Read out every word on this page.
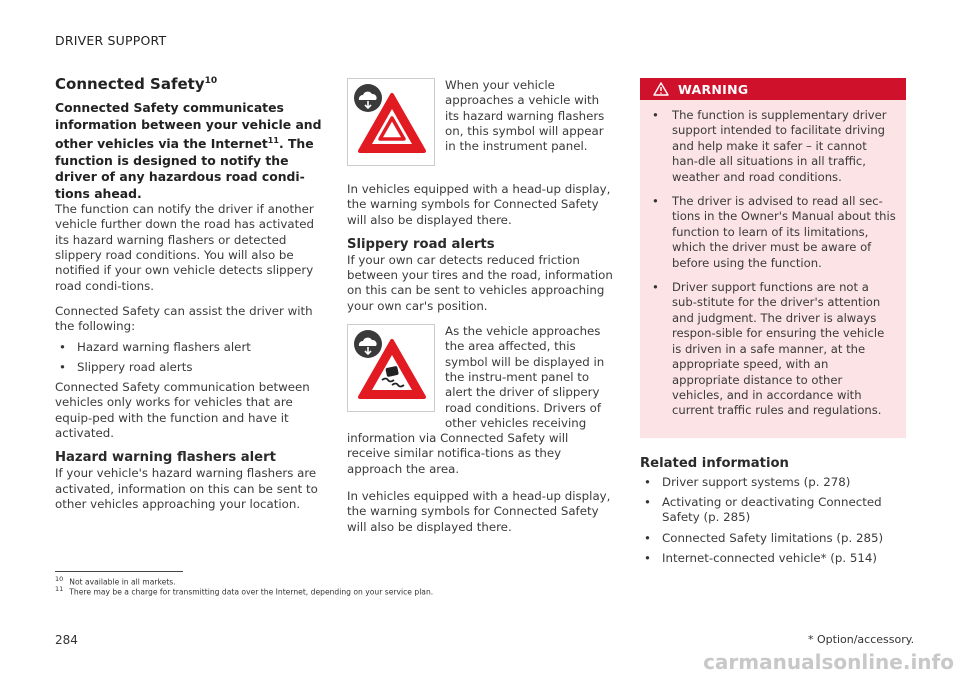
DRIVER SUPPORT
Connected Safety$^{10}$

Connected Safety communicates information between your vehicle and other vehicles via the Internet$^{11}$. The function is designed to notify the driver of any hazardous road condi-tions ahead.

The function can notify the driver if another vehicle further down the road has activated its hazard warning flashers or detected slippery road conditions. You will also be notified if your own vehicle detects slippery road condi-tions.

Connected Safety can assist the driver with the following:

• Hazard warning flashers alert
• Slippery road alerts

Connected Safety communication between vehicles only works for vehicles that are equip-ped with the function and have it activated.

Hazard warning flashers alert

If your vehicle's hazard warning flashers are activated, information on this can be sent to other vehicles approaching your location.

When your vehicle approaches a vehicle with its hazard warning flashers on, this symbol will appear in the instrument panel.

In vehicles equipped with a head-up display, the warning symbols for Connected Safety will also be displayed there.

Slippery road alerts

If your own car detects reduced friction between your tires and the road, information on this can be sent to vehicles approaching your own car's position.

As the vehicle approaches the area affected, this symbol will be displayed in the instru-ment panel to alert the driver of slippery road conditions. Drivers of other vehicles receiving information via Connected Safety will receive similar notifica-tions as they approach the area.

In vehicles equipped with a head-up display, the warning symbols for Connected Safety will also be displayed there.

WARNING
• The function is supplementary driver support intended to facilitate driving and help make it safer – it cannot han-dle all situations in all traffic, weather and road conditions.
• The driver is advised to read all sec-tions in the Owner's Manual about this function to learn of its limitations, which the driver must be aware of before using the function.
• Driver support functions are not a sub-stitute for the driver's attention and judgment. The driver is always respon-sible for ensuring the vehicle is driven in a safe manner, at the appropriate speed, with an appropriate distance to other vehicles, and in accordance with current traffic rules and regulations.
Related information
• Driver support systems (p. 278)
• Activating or deactivating Connected Safety (p. 285)
• Connected Safety limitations (p. 285)
• Internet-connected vehicle* (p. 514)
$^{10}$ Not available in all markets.
$^{11}$ There may be a charge for transmitting data over the Internet, depending on your service plan.
284	* Option/accessory.
carmanualsonline.info
